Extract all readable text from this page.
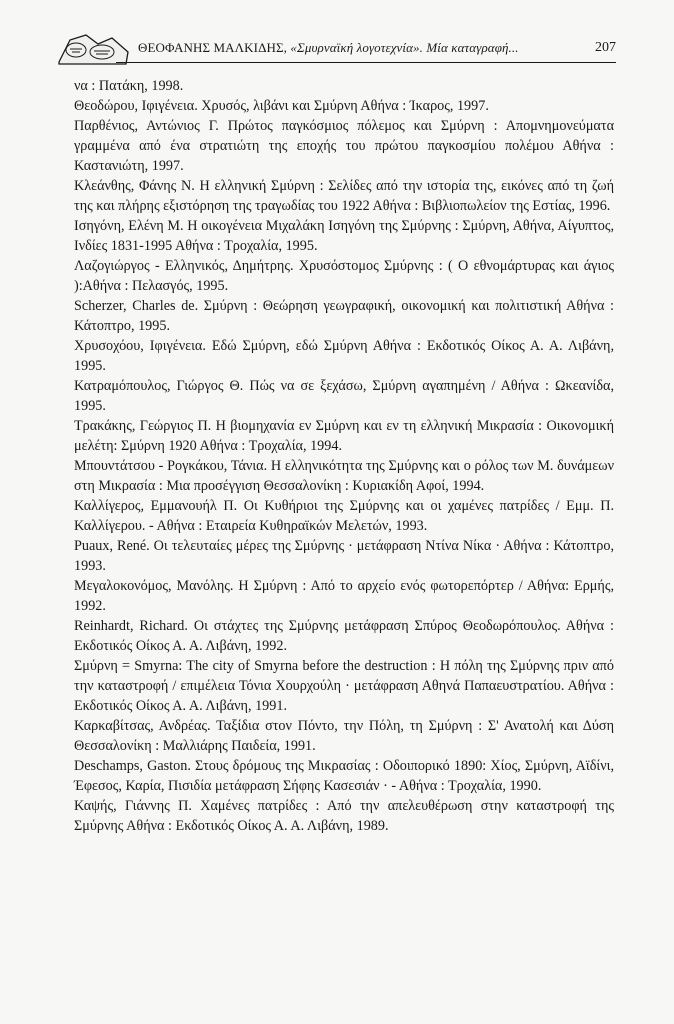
ΘΕΟΦΑΝΗΣ ΜΑΛΚΙΔΗΣ, «Σμυρναϊκή λογοτεχνία». Μία καταγραφή...	207

να : Πατάκη, 1998.

Θεοδώρου, Ιφιγένεια. Χρυσός, λιβάνι και Σμύρνη Αθήνα : Ίκαρος, 1997.

Παρθένιος, Αντώνιος Γ. Πρώτος παγκόσμιος πόλεμος και Σμύρνη : Απομνημονεύματα γραμμένα από ένα στρατιώτη της εποχής του πρώτου παγκοσμίου πολέμου Αθήνα : Καστανιώτη, 1997.

Κλεάνθης, Φάνης Ν. Η ελληνική Σμύρνη : Σελίδες από την ιστορία της, εικόνες από τη ζωή της και πλήρης εξιστόρηση της τραγωδίας του 1922 Αθήνα : Βιβλιοπωλείον της Εστίας, 1996.

Ισηγόνη, Ελένη Μ. Η οικογένεια Μιχαλάκη Ισηγόνη της Σμύρνης : Σμύρνη, Αθήνα, Αίγυπτος, Ινδίες 1831-1995 Αθήνα : Τροχαλία, 1995.

Λαζογιώργος - Ελληνικός, Δημήτρης. Χρυσόστομος Σμύρνης : ( Ο εθνομάρτυρας και άγιος ):Αθήνα : Πελασγός, 1995.

Scherzer, Charles de. Σμύρνη : Θεώρηση γεωγραφική, οικονομική και πολιτιστική Αθήνα : Κάτοπτρο, 1995.

Χρυσοχόου, Ιφιγένεια. Εδώ Σμύρνη, εδώ Σμύρνη Αθήνα : Εκδοτικός Οίκος Α. Α. Λιβάνη, 1995.

Κατραμόπουλος, Γιώργος Θ. Πώς να σε ξεχάσω, Σμύρνη αγαπημένη / Αθήνα : Ωκεανίδα, 1995.

Τρακάκης, Γεώργιος Π. Η βιομηχανία εν Σμύρνη και εν τη ελληνική Μικρασία : Οικονομική μελέτη: Σμύρνη 1920 Αθήνα : Τροχαλία, 1994.

Μπουντάτσου - Ρογκάκου, Τάνια. Η ελληνικότητα της Σμύρνης και ο ρόλος των Μ. δυνάμεων στη Μικρασία : Μια προσέγγιση Θεσσαλονίκη : Κυριακίδη Αφοί, 1994.

Καλλίγερος, Εμμανουήλ Π. Οι Κυθήριοι της Σμύρνης και οι χαμένες πατρίδες / Εμμ. Π. Καλλίγερου. - Αθήνα : Εταιρεία Κυθηραϊκών Μελετών, 1993.

Puaux, René. Οι τελευταίες μέρες της Σμύρνης · μετάφραση Ντίνα Νίκα · Αθήνα : Κάτοπτρο, 1993.

Μεγαλοκονόμος, Μανόλης. Η Σμύρνη : Από το αρχείο ενός φωτορεπόρτερ / Αθήνα: Ερμής, 1992.

Reinhardt, Richard. Οι στάχτες της Σμύρνης μετάφραση Σπύρος Θεοδωρόπουλος. Αθήνα : Εκδοτικός Οίκος Α. Α. Λιβάνη, 1992.

Σμύρνη = Smyrna: The city of Smyrna before the destruction : Η πόλη της Σμύρνης πριν από την καταστροφή / επιμέλεια Τόνια Χουρχούλη · μετάφραση Αθηνά Παπαευστρατίου. Αθήνα : Εκδοτικός Οίκος Α. Α. Λιβάνη, 1991.

Καρκαβίτσας, Ανδρέας. Ταξίδια στον Πόντο, την Πόλη, τη Σμύρνη : Σ' Ανατολή και Δύση Θεσσαλονίκη : Μαλλιάρης Παιδεία, 1991.

Deschamps, Gaston. Στους δρόμους της Μικρασίας : Οδοιπορικό 1890: Χίος, Σμύρνη, Αϊδίνι, Έφεσος, Καρία, Πισιδία μετάφραση Σήφης Κασεσιάν · - Αθήνα : Τροχαλία, 1990.

Καψής, Γιάννης Π. Χαμένες πατρίδες : Από την απελευθέρωση στην καταστροφή της Σμύρνης Αθήνα : Εκδοτικός Οίκος Α. Α. Λιβάνη, 1989.
